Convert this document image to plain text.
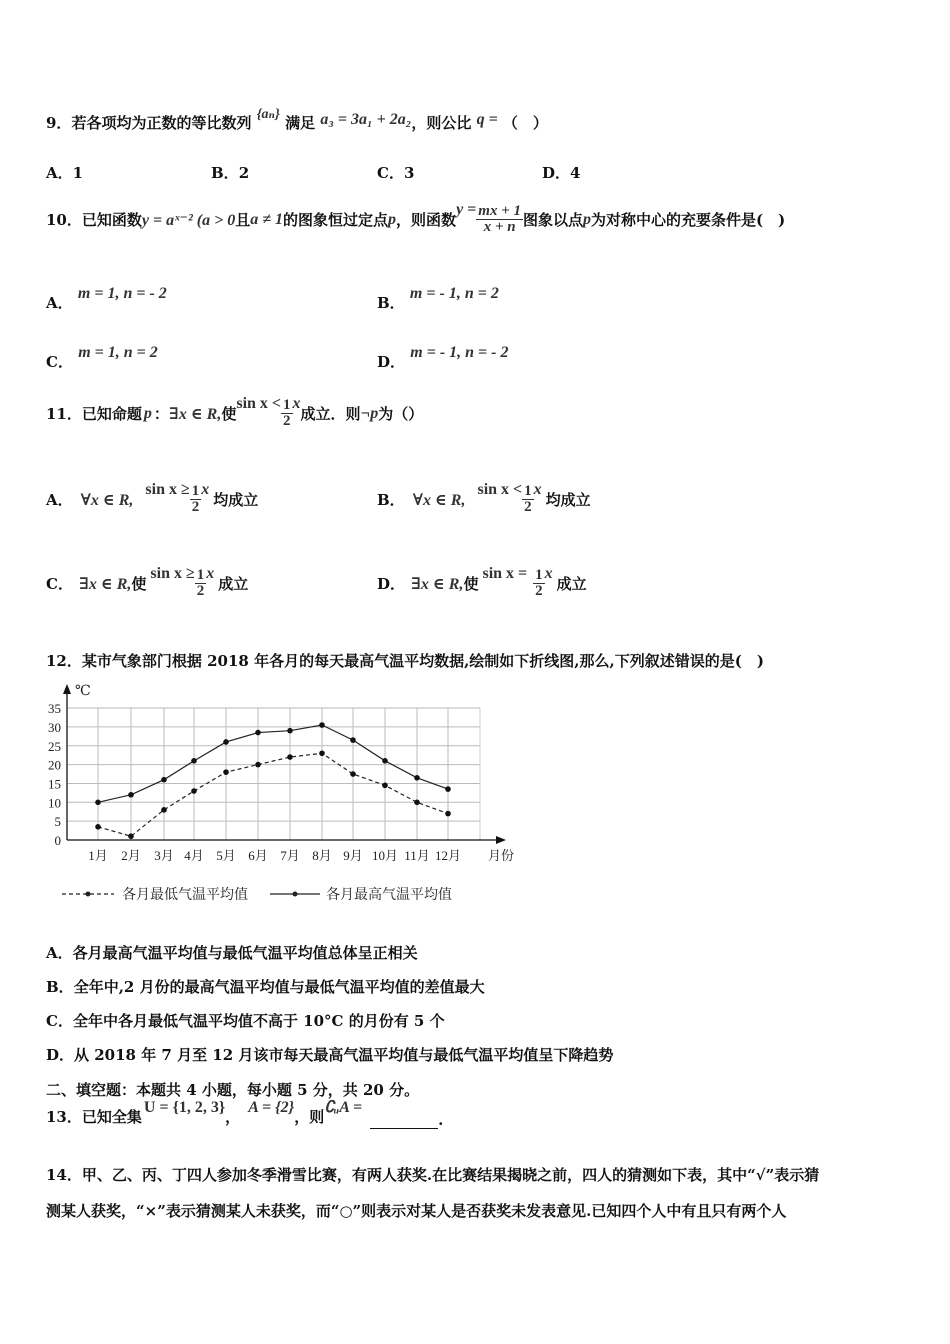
9．若各项均为正数的等比数列 {aₙ} 满足 a₃ = 3a₁ + 2a₂，则公比 q = （　）
A．1	B．2	C．3	D．4
10． 已知函数 y = aˣ⁻² (a > 0 且 a ≠ 1 的图象恒过定点 p ，则函数
$y = \frac{mx + 1}{x + n}$ 图象以点 p 为对称中心的充要条件是(　)
A． m = 1, n = - 2
B． m = - 1, n = 2
C． m = 1, n = 2
D． m = - 1, n = - 2
11． 已知命题 p ： ∃x ∈ R, 使
$\sin x < \frac{1}{2}$ x
成立．则 ¬p 为（）
A． ∀x ∈ R,
$\sin x \ge \frac{1}{2}$ x
均成立	B． ∀x ∈ R,
$\sin x < \frac{1}{2}$ x
均成立
C． ∃x ∈ R, 使
$\sin x \ge \frac{1}{2}$ x
成立	D． ∃x ∈ R, 使
$\sin x = \frac{1}{2}$ x
成立
12．某市气象部门根据 2018 年各月的每天最高气温平均数据,绘制如下折线图,那么,下列叙述错误的是(　)
℃
0
5
10
15
20
25
30
35
1月 2月 3月 4月 5月 6月 7月 8月 9月 10月 11月 12月 月份
各月最低气温平均值	各月最高气温平均值
A．各月最高气温平均值与最低气温平均值总体呈正相关
B．全年中,2 月份的最高气温平均值与最低气温平均值的差值最大
C．全年中各月最低气温平均值不高于 10°C 的月份有 5 个
D．从 2018 年 7 月至 12 月该市每天最高气温平均值与最低气温平均值呈下降趋势
二、填空题：本题共 4 小题，每小题 5 分，共 20 分。
13． 已知全集
U = {1, 2, 3}
，
A = {2}
，则
∁ᵤA =
.
14．甲、乙、丙、丁四人参加冬季滑雪比赛，有两人获奖.在比赛结果揭晓之前，四人的猜测如下表，其中“√”表示猜
测某人获奖，“×”表示猜测某人未获奖，而“○”则表示对某人是否获奖未发表意见.已知四个人中有且只有两个人
